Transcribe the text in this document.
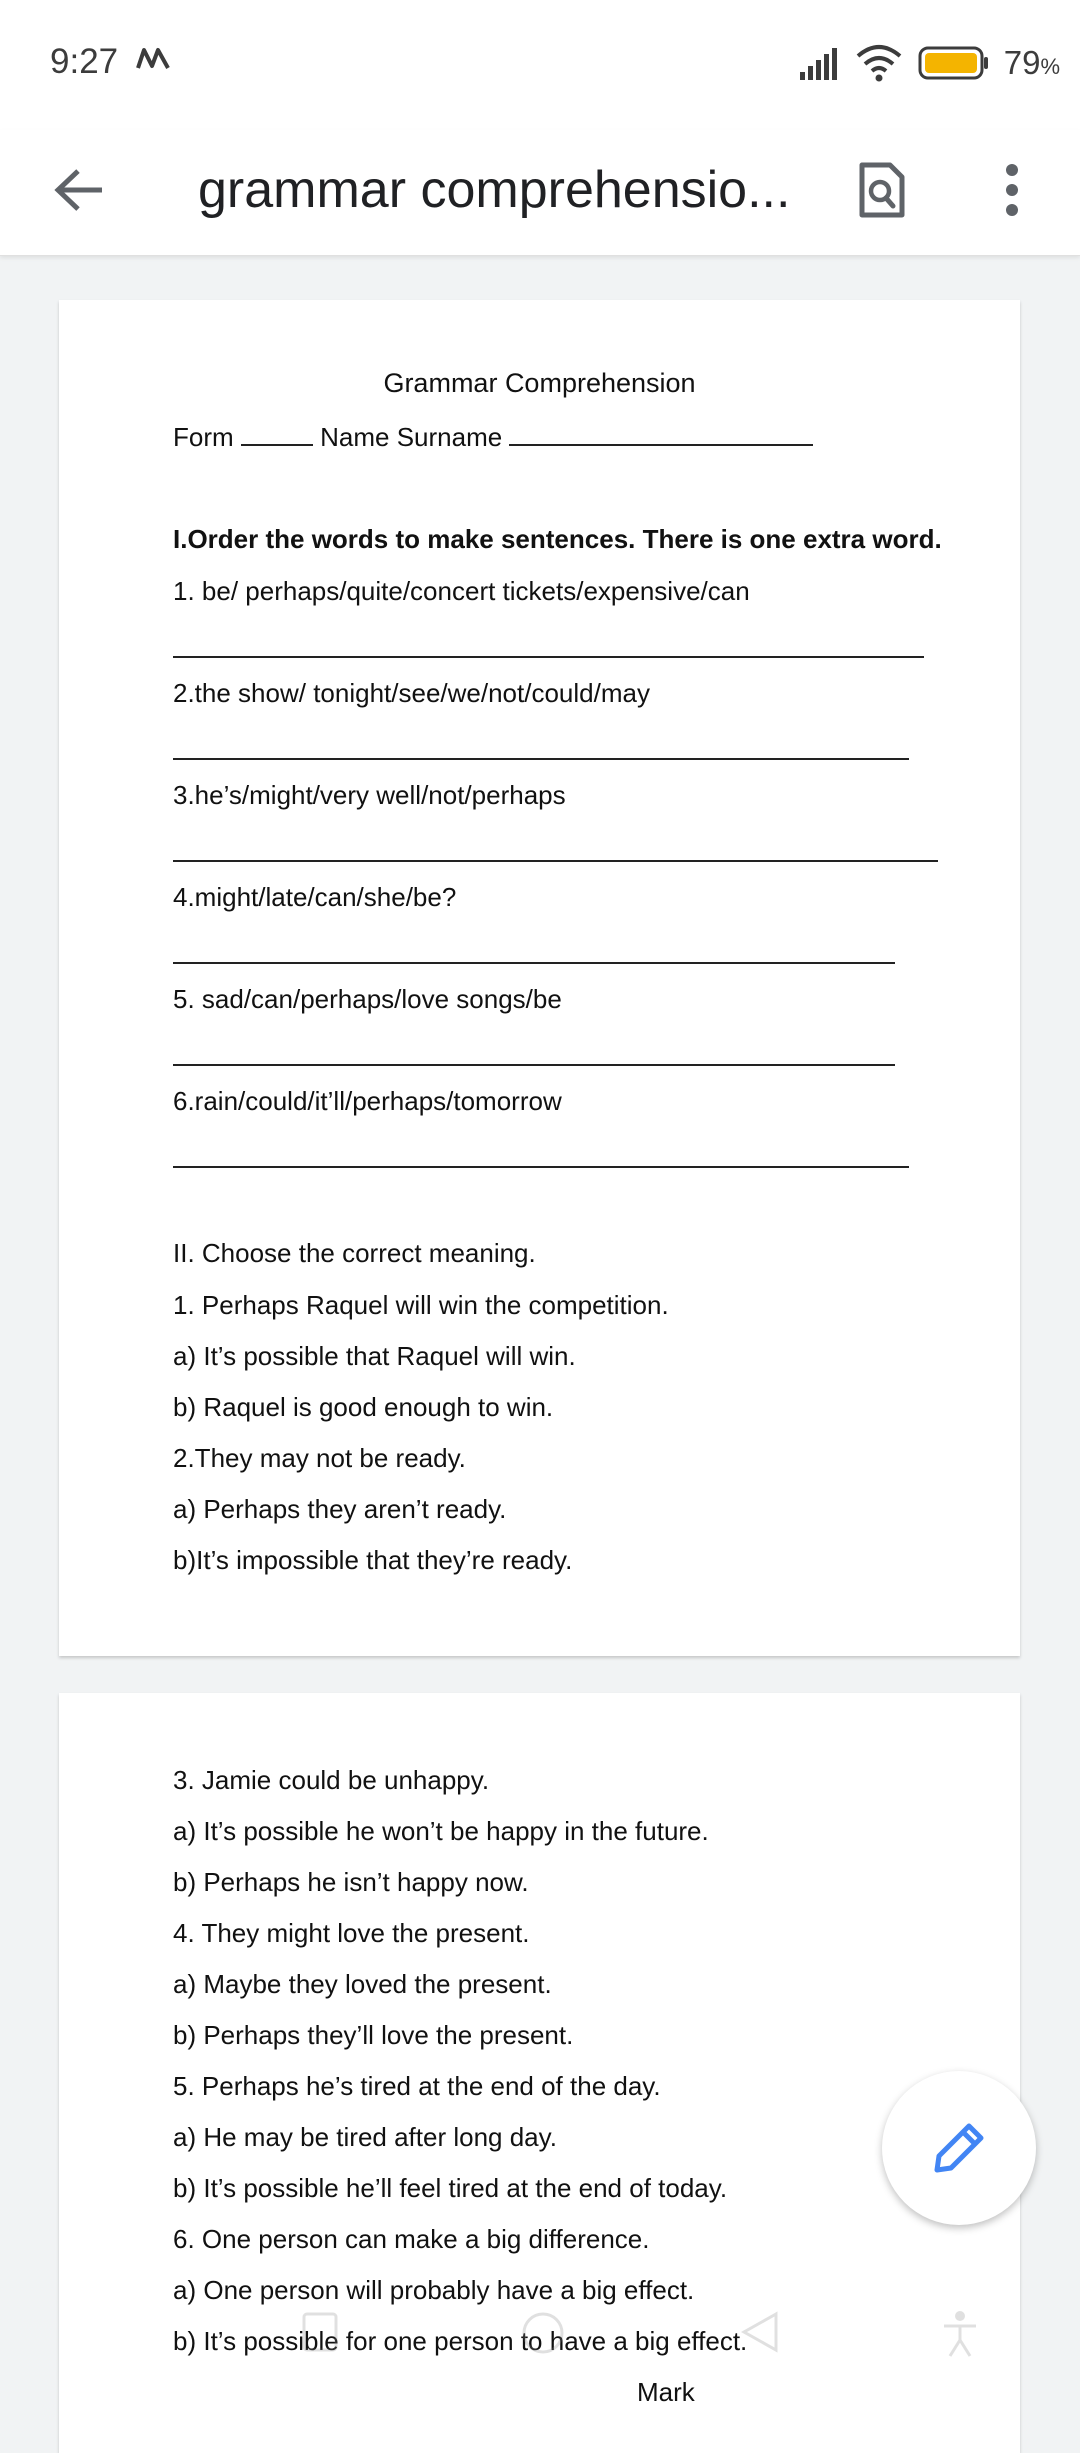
9:27	79%
grammar comprehensio...
Grammar Comprehension
Form	Name Surname
I.Order the words to make sentences. There is one extra word.
1. be/ perhaps/quite/concert tickets/expensive/can
2.the show/ tonight/see/we/not/could/may
3.he’s/might/very well/not/perhaps
4.might/late/can/she/be?
5. sad/can/perhaps/love songs/be
6.rain/could/it’ll/perhaps/tomorrow
II. Choose the correct meaning.
1. Perhaps Raquel will win the competition.
a) It’s possible that Raquel will win.
b) Raquel is good enough to win.
2.They may not be ready.
a) Perhaps they aren’t ready.
b)It’s impossible that they’re ready.
3. Jamie could be unhappy.
a) It’s possible he won’t be happy in the future.
b) Perhaps he isn’t happy now.
4. They might love the present.
a) Maybe they loved the present.
b) Perhaps they’ll love the present.
5. Perhaps he’s tired at the end of the day.
a) He may be tired after long day.
b) It’s possible he’ll feel tired at the end of today.
6. One person can make a big difference.
a) One person will probably have a big effect.
b) It’s possible for one person to have a big effect.
Mark
